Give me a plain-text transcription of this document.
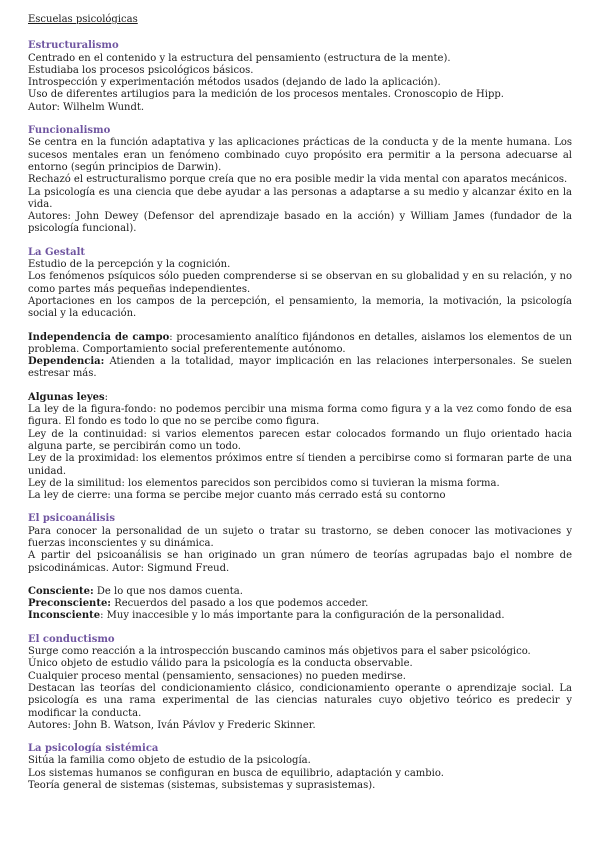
Escuelas psicológicas
Estructuralismo
Centrado en el contenido y la estructura del pensamiento (estructura de la mente).
Estudiaba los procesos psicológicos básicos.
Introspección y experimentación métodos usados (dejando de lado la aplicación).
Uso de diferentes artilugios para la medición de los procesos mentales. Cronoscopio de Hipp.
Autor: Wilhelm Wundt.
Funcionalismo
Se centra en la función adaptativa y las aplicaciones prácticas de la conducta y de la mente humana. Los sucesos mentales eran un fenómeno combinado cuyo propósito era permitir a la persona adecuarse al entorno (según principios de Darwin).
Rechazó el estructuralismo porque creía que no era posible medir la vida mental con aparatos mecánicos.
La psicología es una ciencia que debe ayudar a las personas a adaptarse a su medio y alcanzar éxito en la vida.
Autores: John Dewey (Defensor del aprendizaje basado en la acción) y William James (fundador de la psicología funcional).
La Gestalt
Estudio de la percepción y la cognición.
Los fenómenos psíquicos sólo pueden comprenderse si se observan en su globalidad y en su relación, y no como partes más pequeñas independientes.
Aportaciones en los campos de la percepción, el pensamiento, la memoria, la motivación, la psicología social y la educación.
Independencia de campo: procesamiento analítico fijándonos en detalles, aislamos los elementos de un problema. Comportamiento social preferentemente autónomo.
Dependencia: Atienden a la totalidad, mayor implicación en las relaciones interpersonales. Se suelen estresar más.
Algunas leyes:
La ley de la figura-fondo: no podemos percibir una misma forma como figura y a la vez como fondo de esa figura. El fondo es todo lo que no se percibe como figura.
Ley de la continuidad: si varios elementos parecen estar colocados formando un flujo orientado hacia alguna parte, se percibirán como un todo.
Ley de la proximidad: los elementos próximos entre sí tienden a percibirse como si formaran parte de una unidad.
Ley de la similitud: los elementos parecidos son percibidos como si tuvieran la misma forma.
La ley de cierre: una forma se percibe mejor cuanto más cerrado está su contorno
El psicoanálisis
Para conocer la personalidad de un sujeto o tratar su trastorno, se deben conocer las motivaciones y fuerzas inconscientes y su dinámica.
A partir del psicoanálisis se han originado un gran número de teorías agrupadas bajo el nombre de psicodinámicas. Autor: Sigmund Freud.
Consciente: De lo que nos damos cuenta.
Preconsciente: Recuerdos del pasado a los que podemos acceder.
Inconsciente: Muy inaccesible y lo más importante para la configuración de la personalidad.
El conductismo
Surge como reacción a la introspección buscando caminos más objetivos para el saber psicológico.
Único objeto de estudio válido para la psicología es la conducta observable.
Cualquier proceso mental (pensamiento, sensaciones) no pueden medirse.
Destacan las teorías del condicionamiento clásico, condicionamiento operante o aprendizaje social. La psicología es una rama experimental de las ciencias naturales cuyo objetivo teórico es predecir y modificar la conducta.
Autores: John B. Watson, Iván Pávlov y Frederic Skinner.
La psicología sistémica
Sitúa la familia como objeto de estudio de la psicología.
Los sistemas humanos se configuran en busca de equilibrio, adaptación y cambio.
Teoría general de sistemas (sistemas, subsistemas y suprasistemas).
